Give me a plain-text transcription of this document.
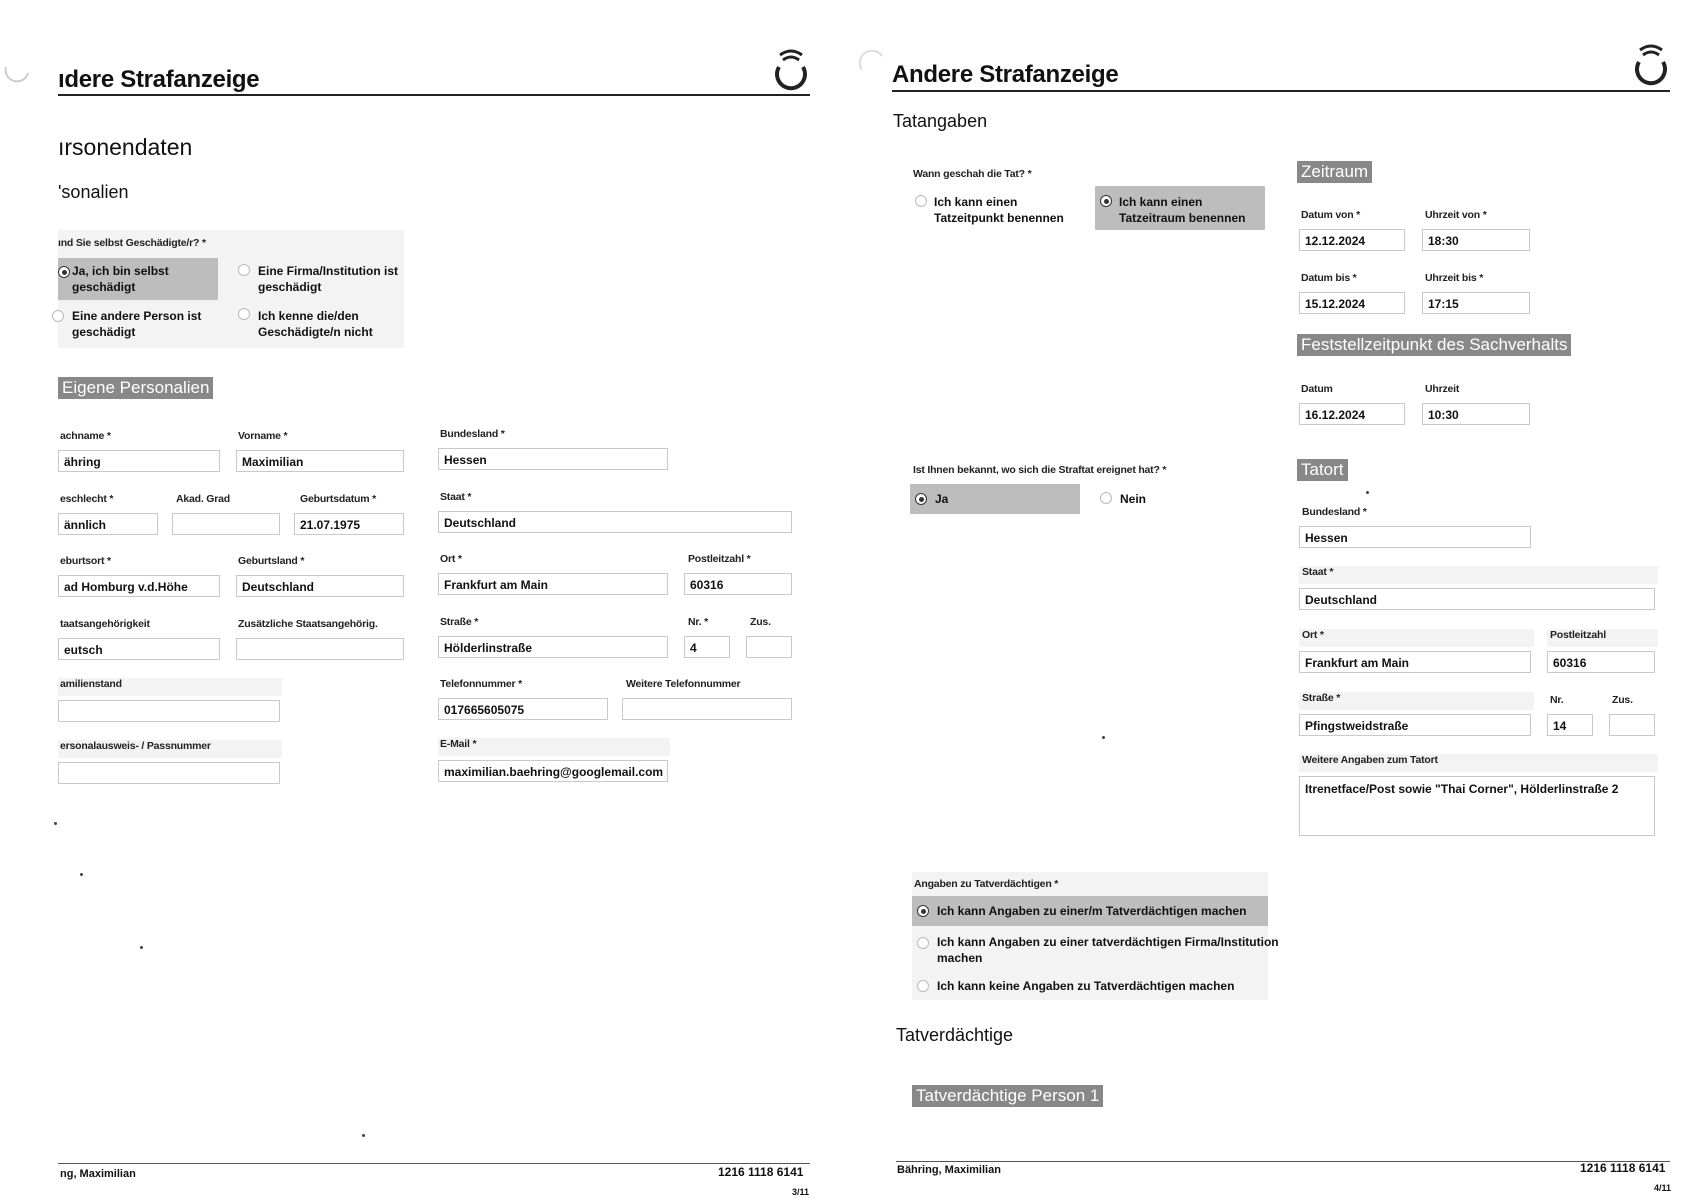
ıdere Strafanzeige
ırsonendaten
'sonalien
ınd Sie selbst Geschädigte/r? *
Ja, ich bin selbst
geschädigt
Eine Firma/Institution ist
geschädigt
Eine andere Person ist
geschädigt
Ich kenne die/den
Geschädigte/n nicht
Eigene Personalien
achname *
ähring
eschlecht *
ännlich
eburtsort *
ad Homburg v.d.Höhe
taatsangehörigkeit
eutsch
amilienstand
ersonalausweis- / Passnummer
Vorname *
Maximilian
Akad. Grad	Geburtsdatum *
21.07.1975
Geburtsland *
Deutschland
Zusätzliche Staatsangehörig.
Bundesland *
Hessen
Staat *
Deutschland
Ort *
Frankfurt am Main
Postleitzahl *
60316
Straße *
Hölderlinstraße
Nr. *
4
Zus.
Telefonnummer *
017665605075
Weitere Telefonnummer
E-Mail *
maximilian.baehring@googlemail.com
ng, Maximilian	1216 1118 6141
3/11
Andere Strafanzeige
Tatangaben
Wann geschah die Tat? *
Ich kann einen
Tatzeitpunkt benennen
Ich kann einen
Tatzeitraum benennen
Zeitraum
Datum von *
12.12.2024
Uhrzeit von *
18:30
Datum bis *
15.12.2024
Uhrzeit bis *
17:15
Feststellzeitpunkt des Sachverhalts
Datum
16.12.2024
Uhrzeit
10:30
Ist Ihnen bekannt, wo sich die Straftat ereignet hat? *
Ja	Nein
Tatort
Bundesland *
Hessen
Staat *
Deutschland
Ort *
Frankfurt am Main
Postleitzahl
60316
Straße *
Pfingstweidstraße
Nr.
14
Zus.
Weitere Angaben zum Tatort
Itrenetface/Post sowie "Thai Corner", Hölderlinstraße 2
Angaben zu Tatverdächtigen *
Ich kann Angaben zu einer/m Tatverdächtigen machen
Ich kann Angaben zu einer tatverdächtigen Firma/Institution
machen
Ich kann keine Angaben zu Tatverdächtigen machen
Tatverdächtige
Tatverdächtige Person 1
Bähring, Maximilian	1216 1118 6141
4/11
